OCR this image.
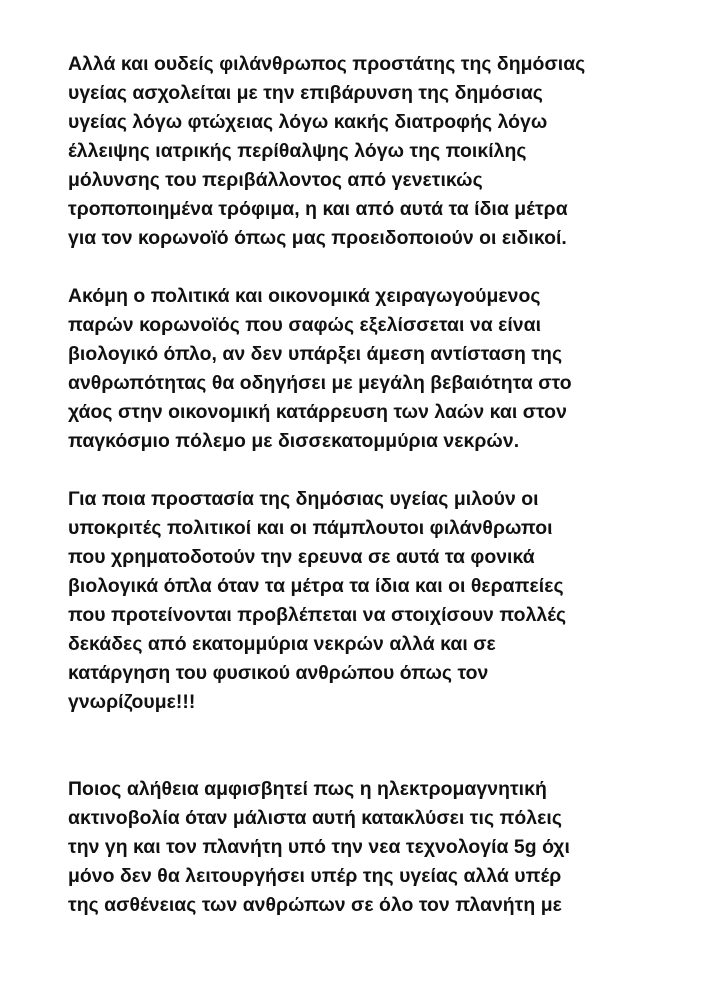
Αλλά και ουδείς φιλάνθρωπος προστάτης της δημόσιας
υγείας ασχολείται με την επιβάρυνση της δημόσιας
υγείας λόγω φτώχειας λόγω κακής διατροφής λόγω
έλλειψης ιατρικής περίθαλψης λόγω της ποικίλης
μόλυνσης του περιβάλλοντος από γενετικώς
τροποποιημένα τρόφιμα, η και από αυτά τα ίδια μέτρα
για τον κορωνοϊό όπως μας προειδοποιούν οι ειδικοί.

Ακόμη ο πολιτικά και οικονομικά χειραγωγούμενος
παρών κορωνοϊός που σαφώς εξελίσσεται να είναι
βιολογικό όπλο, αν δεν υπάρξει άμεση αντίσταση της
ανθρωπότητας θα οδηγήσει με μεγάλη βεβαιότητα στο
χάος στην οικονομική κατάρρευση των λαών και στον
παγκόσμιο πόλεμο με δισσεκατομμύρια νεκρών.

Για ποια προστασία της δημόσιας υγείας μιλούν οι
υποκριτές πολιτικοί και οι πάμπλουτοι φιλάνθρωποι
που χρηματοδοτούν την ερευνα σε αυτά τα φονικά
βιολογικά όπλα όταν τα μέτρα τα ίδια και οι θεραπείες
που προτείνονται προβλέπεται να στοιχίσουν πολλές
δεκάδες από εκατομμύρια νεκρών αλλά και σε
κατάργηση του φυσικού ανθρώπου όπως τον
γνωρίζουμε!!!

Ποιος αλήθεια αμφισβητεί πως η ηλεκτρομαγνητική
ακτινοβολία όταν μάλιστα αυτή κατακλύσει τις πόλεις
την γη και τον πλανήτη υπό την νεα τεχνολογία 5g όχι
μόνο δεν θα λειτουργήσει υπέρ της υγείας αλλά υπέρ
της ασθένειας των ανθρώπων σε όλο τον πλανήτη με
